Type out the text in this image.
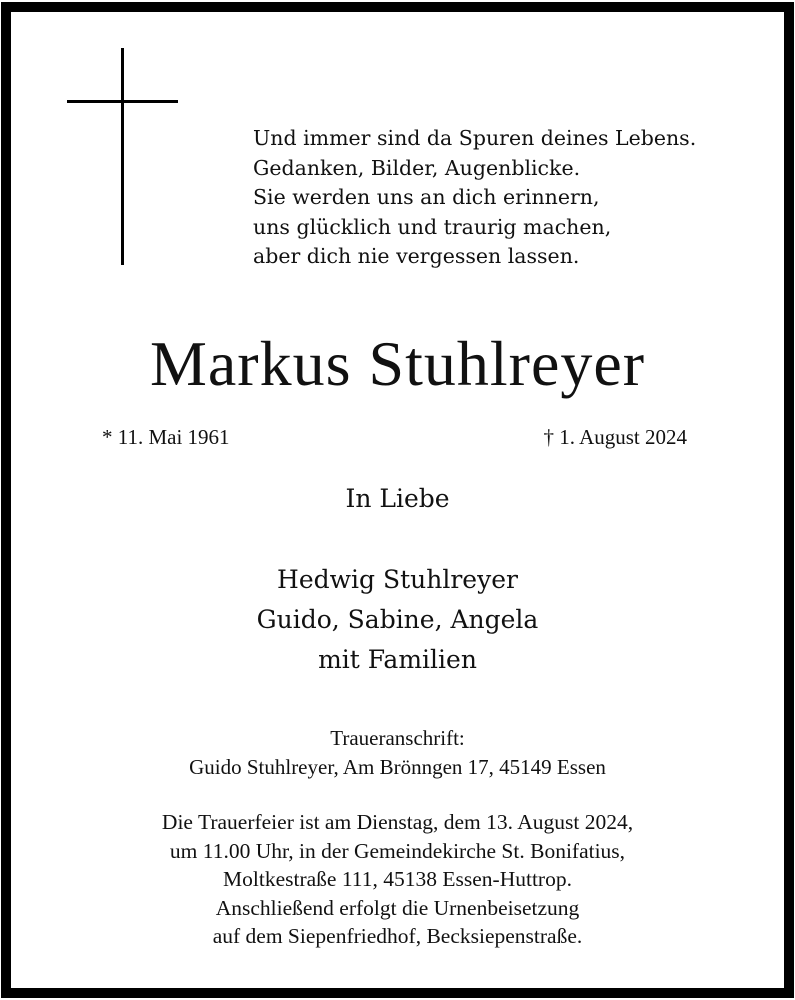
Und immer sind da Spuren deines Lebens.
Gedanken, Bilder, Augenblicke.
Sie werden uns an dich erinnern,
uns glücklich und traurig machen,
aber dich nie vergessen lassen.
Markus Stuhlreyer
* 11. Mai 1961	† 1. August 2024
In Liebe
Hedwig Stuhlreyer
Guido, Sabine, Angela
mit Familien
Traueranschrift:
Guido Stuhlreyer, Am Brönngen 17, 45149 Essen
Die Trauerfeier ist am Dienstag, dem 13. August 2024,
um 11.00 Uhr, in der Gemeindekirche St. Bonifatius,
Moltkestraße 111, 45138 Essen-Huttrop.
Anschließend erfolgt die Urnenbeisetzung
auf dem Siepenfriedhof, Becksiepenstraße.
